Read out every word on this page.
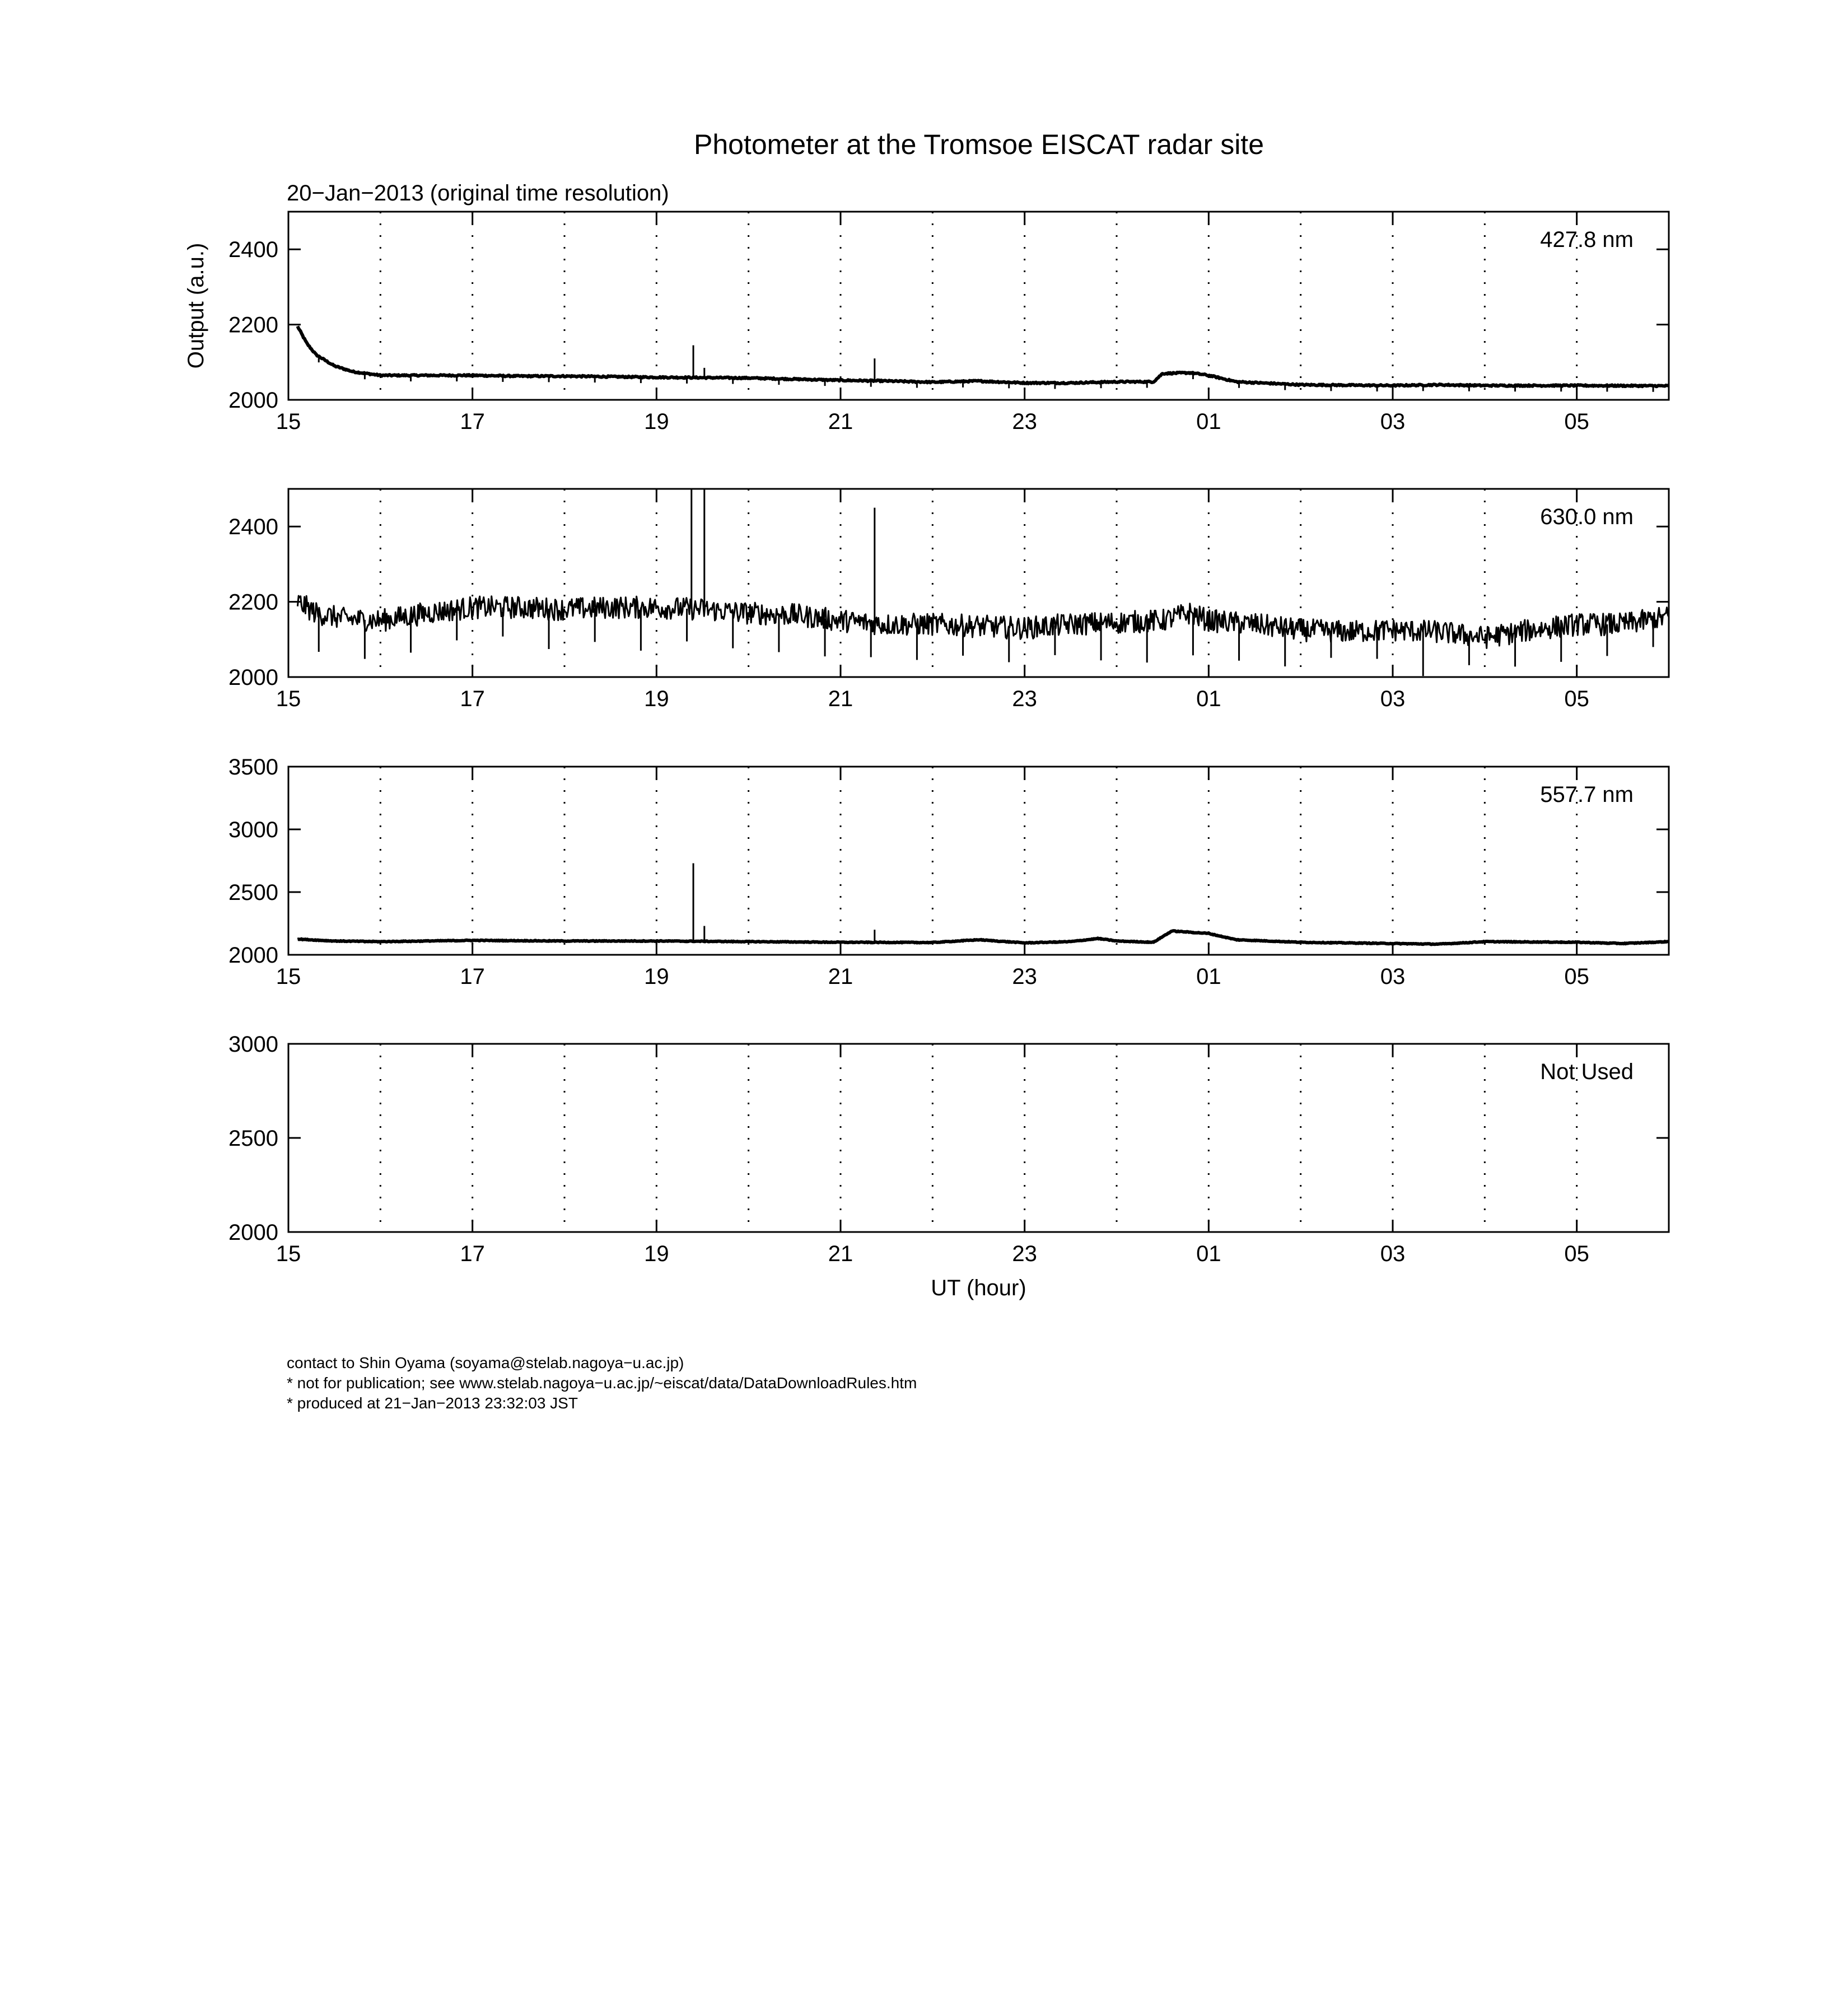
Photometer at the Tromsoe EISCAT radar site
20−Jan−2013 (original time resolution)
15	17	19	21	23	01	03	05
2000
2200
2400	427.8 nm
Output (a.u.)
15	17	19	21	23	01	03	05
2000
2200
2400	630.0 nm
15	17	19	21	23	01	03	05
2000
2500
3000
3500
557.7 nm
15	17	19	21	23	01	03	05
2000
2500
3000
Not Used
UT (hour)
contact to Shin Oyama (soyama@stelab.nagoya−u.ac.jp)
* not for publication; see www.stelab.nagoya−u.ac.jp/~eiscat/data/DataDownloadRules.htm
* produced at 21−Jan−2013 23:32:03 JST
